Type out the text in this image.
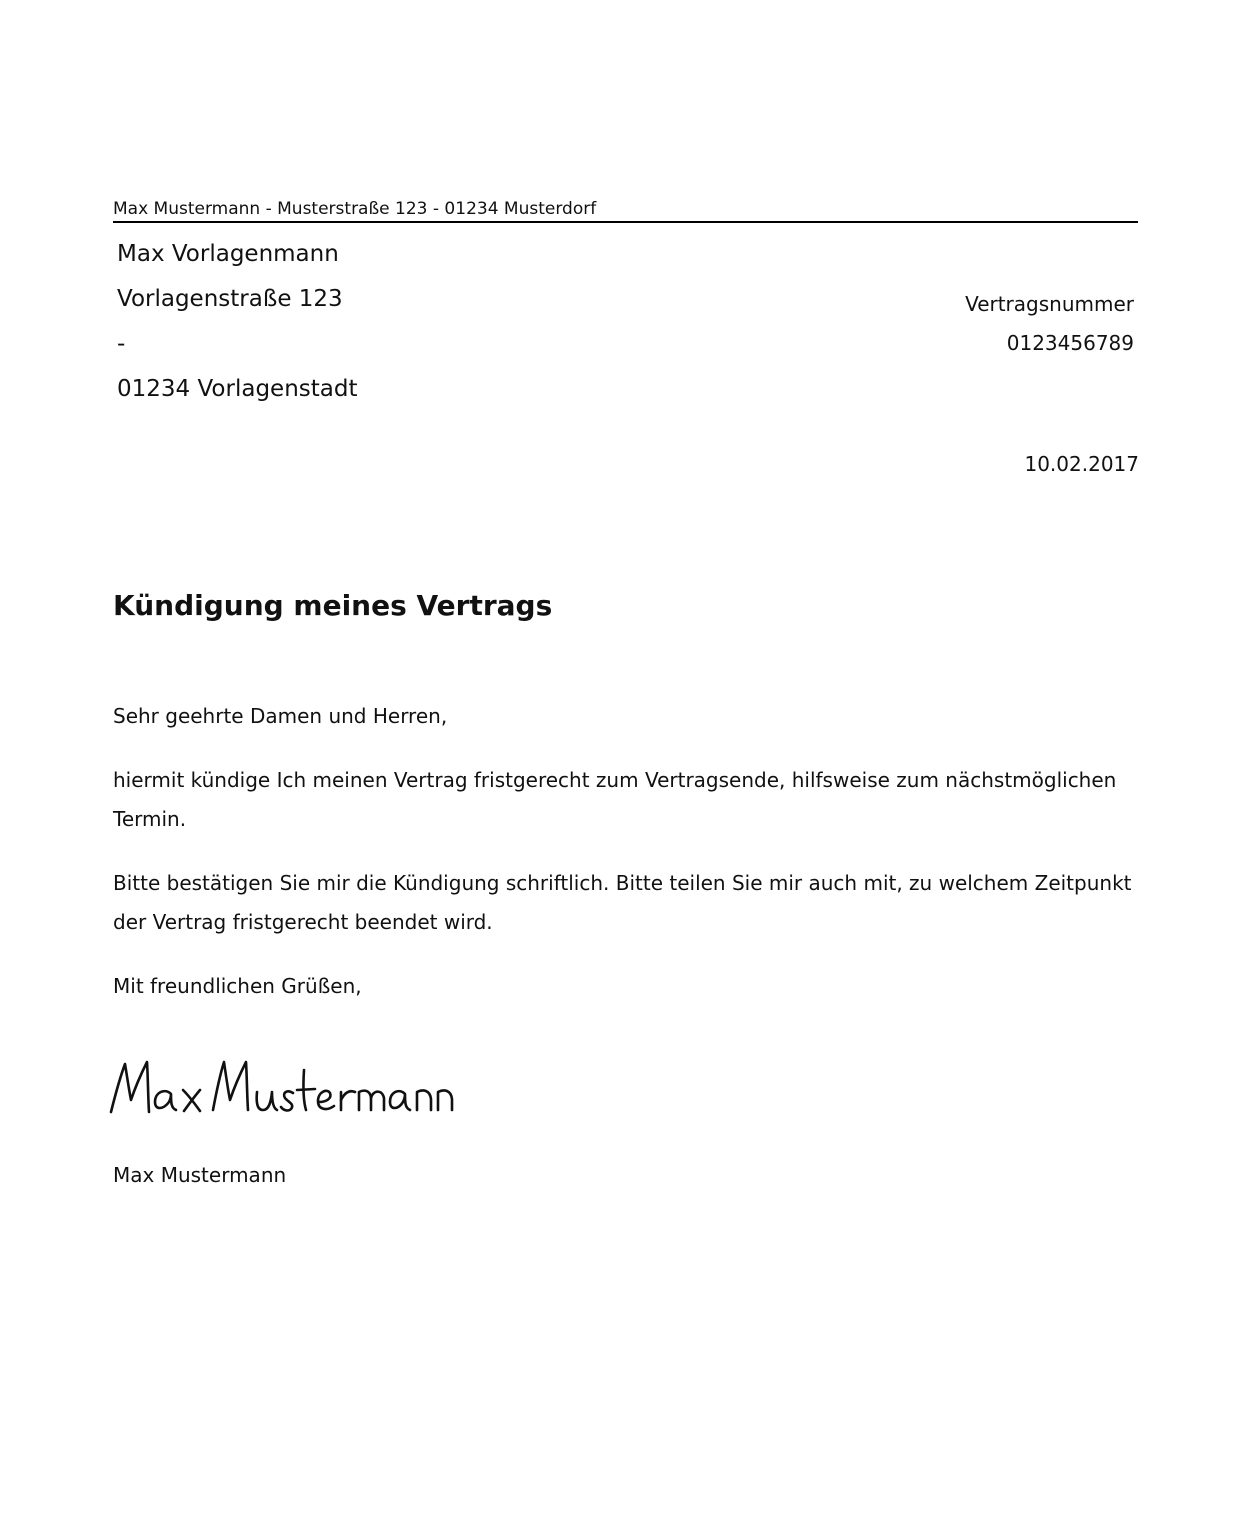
Max Mustermann - Musterstraße 123 - 01234 Musterdorf
Max Vorlagenmann
Vorlagenstraße 123
-
01234 Vorlagenstadt
Vertragsnummer
0123456789
10.02.2017
Kündigung meines Vertrags
Sehr geehrte Damen und Herren,
hiermit kündige Ich meinen Vertrag fristgerecht zum Vertragsende, hilfsweise zum nächstmöglichen Termin.
Bitte bestätigen Sie mir die Kündigung schriftlich. Bitte teilen Sie mir auch mit, zu welchem Zeitpunkt der Vertrag fristgerecht beendet wird.
Mit freundlichen Grüßen,
Max Mustermann
